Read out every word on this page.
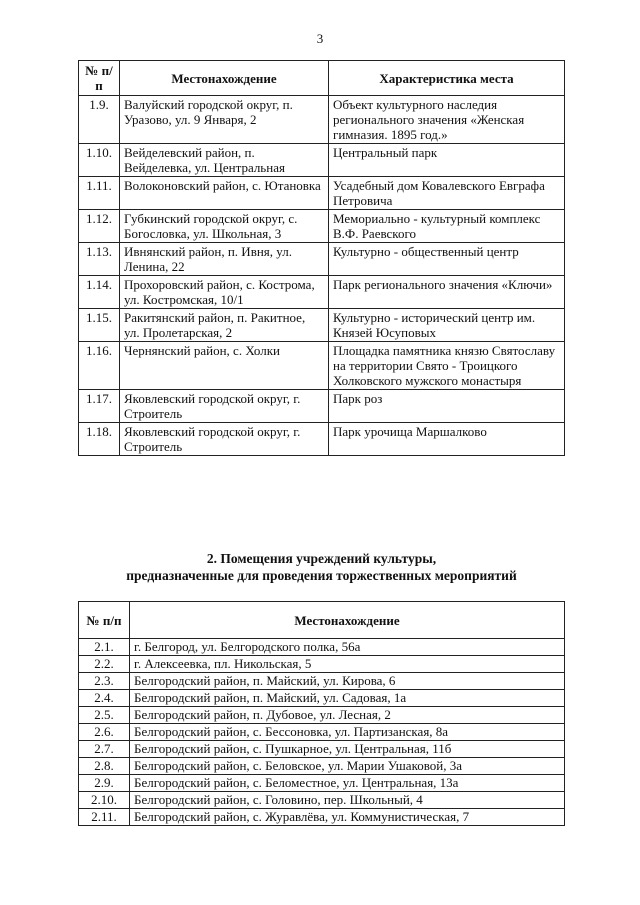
3
№ п/п	Местонахождение	Характеристика места
1.9.	Валуйский городской округ, п. Уразово, ул. 9 Января, 2	Объект культурного наследия регионального значения «Женская гимназия. 1895 год.»
1.10.	Вейделевский район, п. Вейделевка, ул. Центральная	Центральный парк
1.11.	Волоконовский район, с. Ютановка	Усадебный дом Ковалевского Евграфа Петровича
1.12.	Губкинский городской округ, с. Богословка, ул. Школьная, 3	Мемориально - культурный комплекс В.Ф. Раевского
1.13.	Ивнянский район, п. Ивня, ул. Ленина, 22	Культурно - общественный центр
1.14.	Прохоровский район, с. Кострома, ул. Костромская, 10/1	Парк регионального значения «Ключи»
1.15.	Ракитянский район, п. Ракитное, ул. Пролетарская, 2	Культурно - исторический центр им. Князей Юсуповых
1.16.	Чернянский район, с. Холки	Площадка памятника князю Святославу на территории Свято - Троицкого Холковского мужского монастыря
1.17.	Яковлевский городской округ, г. Строитель	Парк роз
1.18.	Яковлевский городской округ, г. Строитель	Парк урочища Маршалково
2. Помещения учреждений культуры,
предназначенные для проведения торжественных мероприятий
№ п/п	Местонахождение
2.1.	г. Белгород, ул. Белгородского полка, 56а
2.2.	г. Алексеевка, пл. Никольская, 5
2.3.	Белгородский район, п. Майский, ул. Кирова, 6
2.4.	Белгородский район, п. Майский, ул. Садовая, 1а
2.5.	Белгородский район, п. Дубовое, ул. Лесная, 2
2.6.	Белгородский район, с. Бессоновка, ул. Партизанская, 8а
2.7.	Белгородский район, с. Пушкарное, ул. Центральная, 11б
2.8.	Белгородский район, с. Беловское, ул. Марии Ушаковой, 3а
2.9.	Белгородский район, с. Беломестное, ул. Центральная, 13а
2.10.	Белгородский район, с. Головино, пер. Школьный, 4
2.11.	Белгородский район, с. Журавлёва, ул. Коммунистическая, 7
